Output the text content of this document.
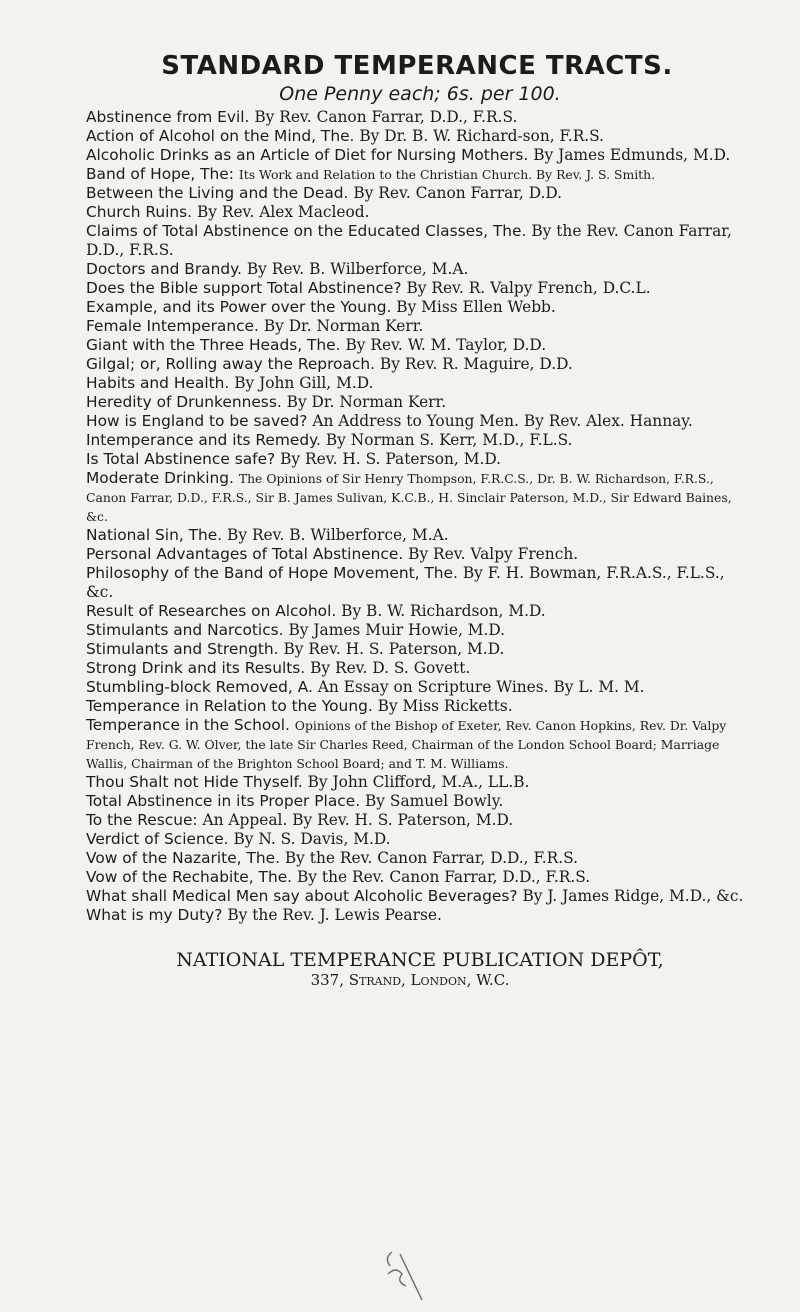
STANDARD TEMPERANCE TRACTS.
One Penny each; 6s. per 100.
Abstinence from Evil. By Rev. Canon Farrar, D.D., F.R.S.
Action of Alcohol on the Mind, The. By Dr. B. W. Richard-son, F.R.S.
Alcoholic Drinks as an Article of Diet for Nursing Mothers. By James Edmunds, M.D.
Band of Hope, The: Its Work and Relation to the Christian Church. By Rev. J. S. Smith.
Between the Living and the Dead. By Rev. Canon Farrar, D.D.
Church Ruins. By Rev. Alex Macleod.
Claims of Total Abstinence on the Educated Classes, The. By the Rev. Canon Farrar, D.D., F.R.S.
Doctors and Brandy. By Rev. B. Wilberforce, M.A.
Does the Bible support Total Abstinence? By Rev. R. Valpy French, D.C.L.
Example, and its Power over the Young. By Miss Ellen Webb.
Female Intemperance. By Dr. Norman Kerr.
Giant with the Three Heads, The. By Rev. W. M. Taylor, D.D.
Gilgal; or, Rolling away the Reproach. By Rev. R. Maguire, D.D.
Habits and Health. By John Gill, M.D.
Heredity of Drunkenness. By Dr. Norman Kerr.
How is England to be saved? An Address to Young Men. By Rev. Alex. Hannay.
Intemperance and its Remedy. By Norman S. Kerr, M.D., F.L.S.
Is Total Abstinence safe? By Rev. H. S. Paterson, M.D.
Moderate Drinking. The Opinions of Sir Henry Thompson, F.R.C.S., Dr. B. W. Richardson, F.R.S., Canon Farrar, D.D., F.R.S., Sir B. James Sulivan, K.C.B., H. Sinclair Paterson, M.D., Sir Edward Baines, &c.
National Sin, The. By Rev. B. Wilberforce, M.A.
Personal Advantages of Total Abstinence. By Rev. Valpy French.
Philosophy of the Band of Hope Movement, The. By F. H. Bowman, F.R.A.S., F.L.S., &c.
Result of Researches on Alcohol. By B. W. Richardson, M.D.
Stimulants and Narcotics. By James Muir Howie, M.D.
Stimulants and Strength. By Rev. H. S. Paterson, M.D.
Strong Drink and its Results. By Rev. D. S. Govett.
Stumbling-block Removed, A. An Essay on Scripture Wines. By L. M. M.
Temperance in Relation to the Young. By Miss Ricketts.
Temperance in the School. Opinions of the Bishop of Exeter, Rev. Canon Hopkins, Rev. Dr. Valpy French, Rev. G. W. Olver, the late Sir Charles Reed, Chairman of the London School Board; Marriage Wallis, Chairman of the Brighton School Board; and T. M. Williams.
Thou Shalt not Hide Thyself. By John Clifford, M.A., LL.B.
Total Abstinence in its Proper Place. By Samuel Bowly.
To the Rescue: An Appeal. By Rev. H. S. Paterson, M.D.
Verdict of Science. By N. S. Davis, M.D.
Vow of the Nazarite, The. By the Rev. Canon Farrar, D.D., F.R.S.
Vow of the Rechabite, The. By the Rev. Canon Farrar, D.D., F.R.S.
What shall Medical Men say about Alcoholic Beverages? By J. James Ridge, M.D., &c.
What is my Duty? By the Rev. J. Lewis Pearse.
NATIONAL TEMPERANCE PUBLICATION DEPÔT,
337, Strand, London, W.C.
